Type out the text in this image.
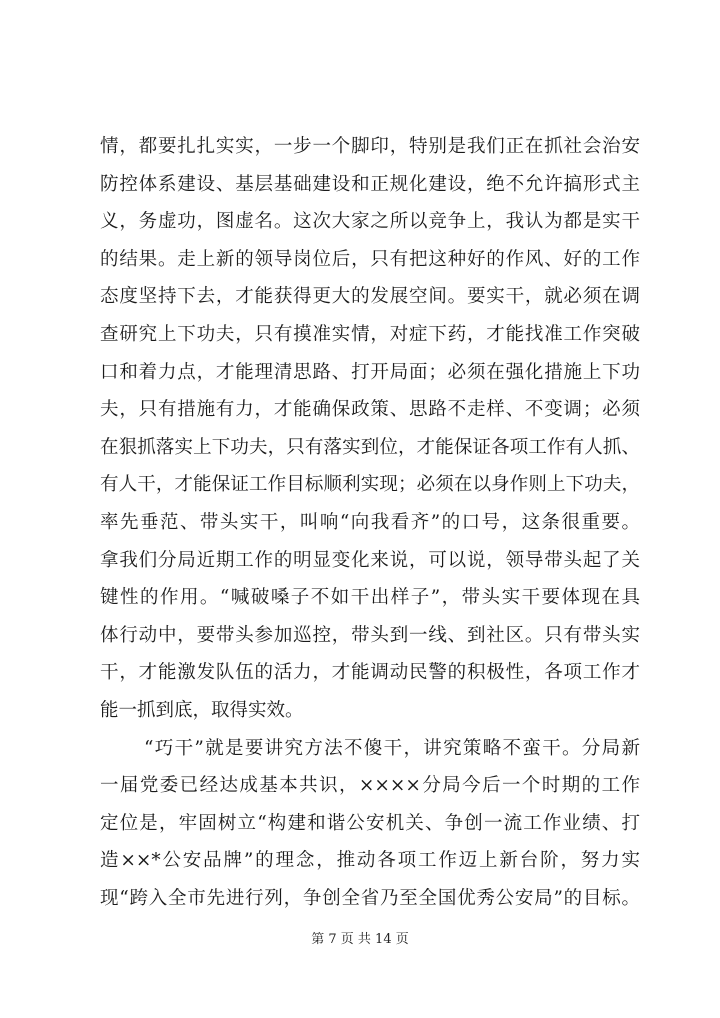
情，都要扎扎实实，一步一个脚印，特别是我们正在抓社会治安
防控体系建设、基层基础建设和正规化建设，绝不允许搞形式主
义，务虚功，图虚名。这次大家之所以竞争上，我认为都是实干
的结果。走上新的领导岗位后，只有把这种好的作风、好的工作
态度坚持下去，才能获得更大的发展空间。要实干，就必须在调
查研究上下功夫，只有摸准实情，对症下药，才能找准工作突破
口和着力点，才能理清思路、打开局面；必须在强化措施上下功
夫，只有措施有力，才能确保政策、思路不走样、不变调；必须
在狠抓落实上下功夫，只有落实到位，才能保证各项工作有人抓、
有人干，才能保证工作目标顺利实现；必须在以身作则上下功夫，
率先垂范、带头实干，叫响“向我看齐”的口号，这条很重要。
拿我们分局近期工作的明显变化来说，可以说，领导带头起了关
键性的作用。“喊破嗓子不如干出样子”，带头实干要体现在具
体行动中，要带头参加巡控，带头到一线、到社区。只有带头实
干，才能激发队伍的活力，才能调动民警的积极性，各项工作才
能一抓到底，取得实效。
“巧干”就是要讲究方法不傻干，讲究策略不蛮干。分局新
一届党委已经达成基本共识，××××分局今后一个时期的工作
定位是，牢固树立“构建和谐公安机关、争创一流工作业绩、打
造××*公安品牌”的理念，推动各项工作迈上新台阶，努力实
现“跨入全市先进行列，争创全省乃至全国优秀公安局”的目标。
第 7 页 共 14 页
